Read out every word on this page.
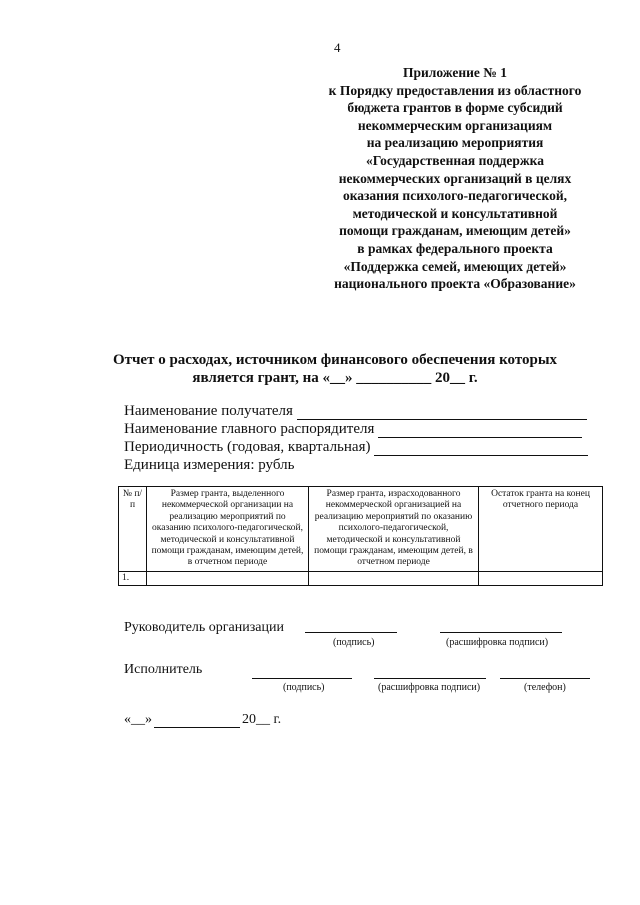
4
Приложение № 1
к Порядку предоставления из областного
бюджета грантов в форме субсидий
некоммерческим организациям
на реализацию мероприятия
«Государственная поддержка
некоммерческих организаций в целях
оказания психолого-педагогической,
методической и консультативной
помощи гражданам, имеющим детей»
в рамках федерального проекта
«Поддержка семей, имеющих детей»
национального проекта «Образование»
Отчет о расходах, источником финансового обеспечения которых
является грант, на «__» __________ 20__ г.
Наименование получателя
Наименование главного распорядителя
Периодичность (годовая, квартальная)
Единица измерения: рубль
№ п/п	Размер гранта, выделенного некоммерческой организации на реализацию мероприятий по оказанию психолого-педагогической, методической и консультативной помощи гражданам, имеющим детей, в отчетном периоде	Размер гранта, израсходованного некоммерческой организацией на реализацию мероприятий по оказанию психолого-педагогической, методической и консультативной помощи гражданам, имеющим детей, в отчетном периоде	Остаток гранта на конец отчетного периода
1.			
Руководитель организации
(подпись)	(расшифровка подписи)
Исполнитель
(подпись)	(расшифровка подписи)	(телефон)
«__»	20__ г.
